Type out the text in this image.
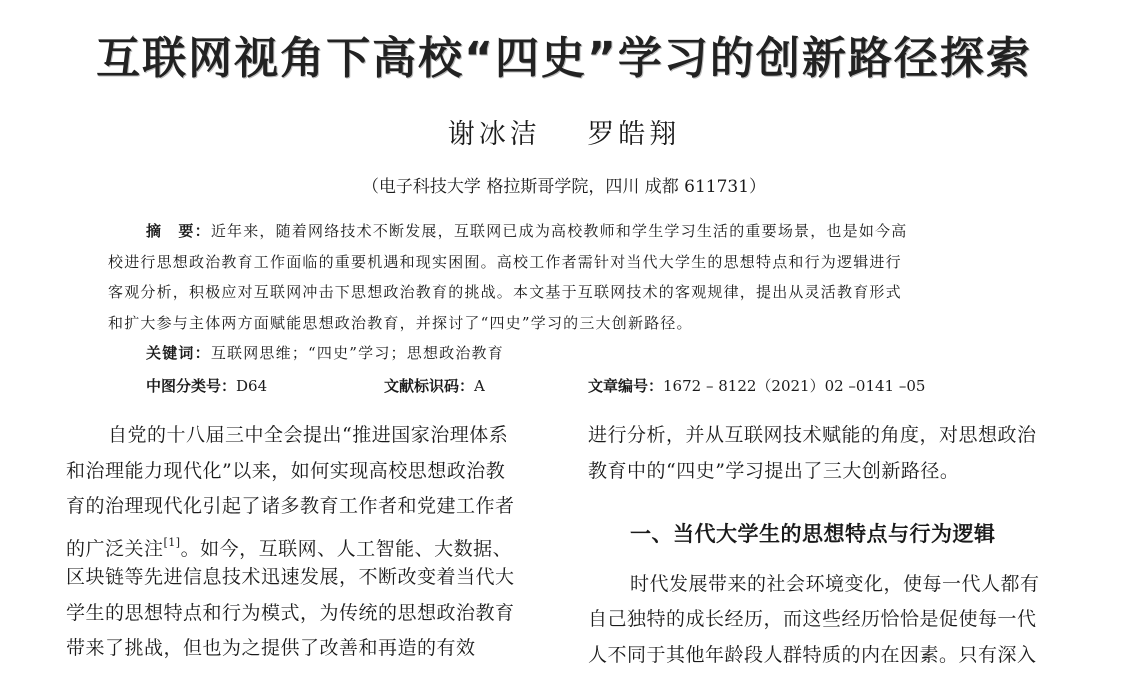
互联网视角下高校“四史”学习的创新路径探索
谢冰洁 罗皓翔
（电子科技大学 格拉斯哥学院，四川 成都 611731）
摘　要：近年来，随着网络技术不断发展，互联网已成为高校教师和学生学习生活的重要场景，也是如今高
校进行思想政治教育工作面临的重要机遇和现实困囿。高校工作者需针对当代大学生的思想特点和行为逻辑进行
客观分析，积极应对互联网冲击下思想政治教育的挑战。本文基于互联网技术的客观规律，提出从灵活教育形式
和扩大参与主体两方面赋能思想政治教育，并探讨了“四史”学习的三大创新路径。
关键词：互联网思维；“四史”学习；思想政治教育
中图分类号：D64	文献标识码：A	文章编号：1672 – 8122（2021）02 –0141 –05
自党的十八届三中全会提出“推进国家治理体系
和治理能力现代化”以来，如何实现高校思想政治教
育的治理现代化引起了诸多教育工作者和党建工作者
的广泛关注[1]。如今，互联网、人工智能、大数据、
区块链等先进信息技术迅速发展，不断改变着当代大
学生的思想特点和行为模式，为传统的思想政治教育
带来了挑战，但也为之提供了改善和再造的有效
进行分析，并从互联网技术赋能的角度，对思想政治
教育中的“四史”学习提出了三大创新路径。
一、当代大学生的思想特点与行为逻辑
时代发展带来的社会环境变化，使每一代人都有
自己独特的成长经历，而这些经历恰恰是促使每一代
人不同于其他年龄段人群特质的内在因素。只有深入
